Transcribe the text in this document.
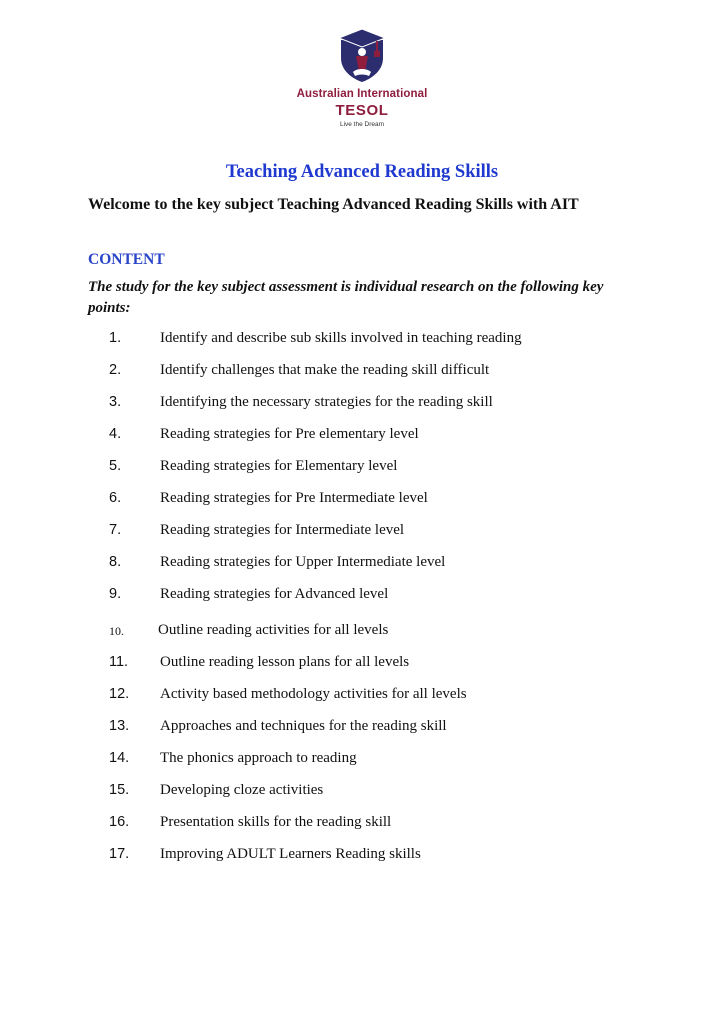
Australian International
TESOL
Live the Dream
Teaching Advanced Reading Skills
Welcome to the key subject Teaching Advanced Reading Skills with AIT
CONTENT
The study for the key subject assessment is individual research on the following key points:
1.	Identify and describe sub skills involved in teaching reading
2.	Identify challenges that make the reading skill difficult
3.	Identifying the necessary strategies for the reading skill
4.	Reading strategies for Pre elementary level
5.	Reading strategies for Elementary level
6.	Reading strategies for Pre Intermediate level
7.	Reading strategies for Intermediate level
8.	Reading strategies for Upper Intermediate level
9.	Reading strategies for Advanced level
10. Outline reading activities for all levels
11. Outline reading lesson plans for all levels
12. Activity based methodology activities for all levels
13. Approaches and techniques for the reading skill
14. The phonics approach to reading
15. Developing cloze activities
16. Presentation skills for the reading skill
17. Improving ADULT Learners Reading skills
